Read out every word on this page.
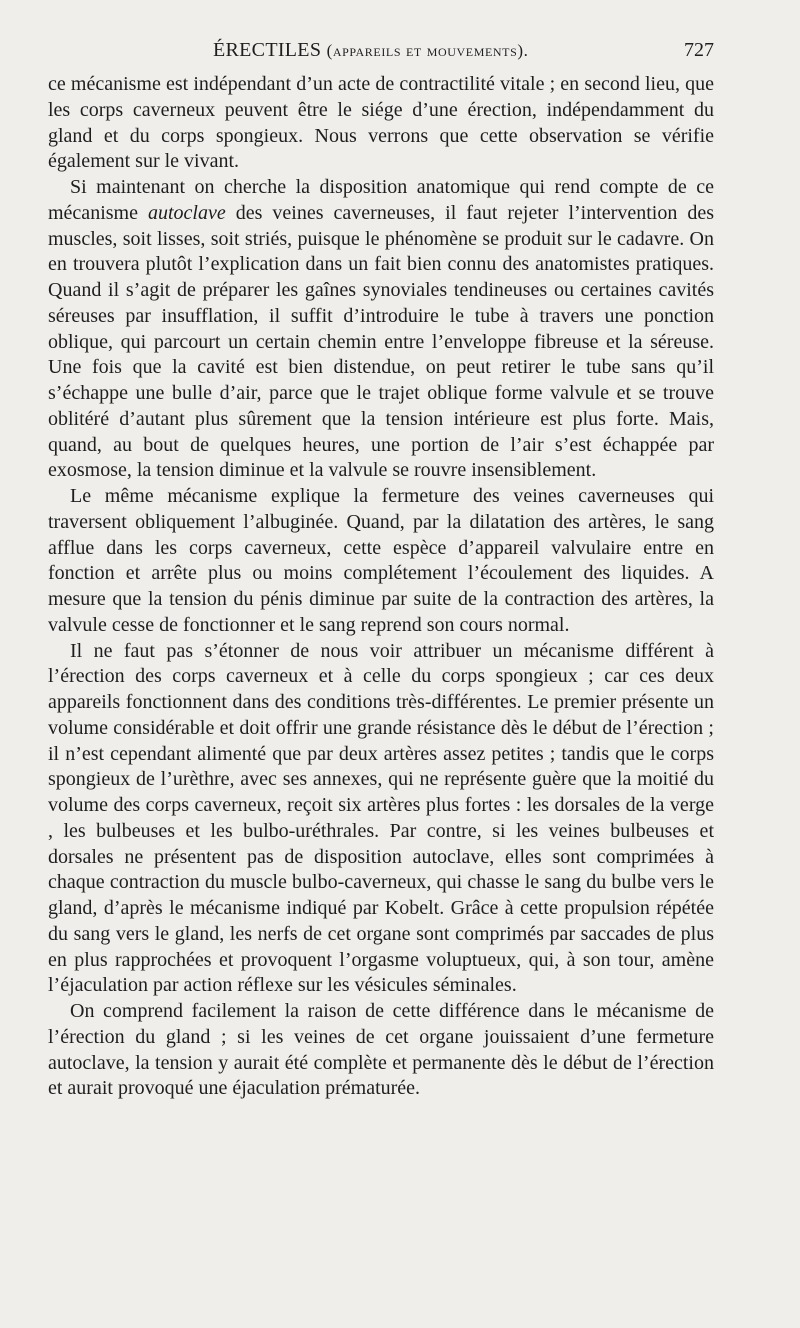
ÉRECTILES (appareils et mouvements).	727

ce mécanisme est indépendant d’un acte de contractilité vitale ; en second lieu, que les corps caverneux peuvent être le siége d’une érection, indépendamment du gland et du corps spongieux. Nous verrons que cette observation se vérifie également sur le vivant.

Si maintenant on cherche la disposition anatomique qui rend compte de ce mécanisme autoclave des veines caverneuses, il faut rejeter l’intervention des muscles, soit lisses, soit striés, puisque le phénomène se produit sur le cadavre. On en trouvera plutôt l’explication dans un fait bien connu des anatomistes pratiques. Quand il s’agit de préparer les gaînes synoviales tendineuses ou certaines cavités séreuses par insufflation, il suffit d’introduire le tube à travers une ponction oblique, qui parcourt un certain chemin entre l’enveloppe fibreuse et la séreuse. Une fois que la cavité est bien distendue, on peut retirer le tube sans qu’il s’échappe une bulle d’air, parce que le trajet oblique forme valvule et se trouve oblitéré d’autant plus sûrement que la tension intérieure est plus forte. Mais, quand, au bout de quelques heures, une portion de l’air s’est échappée par exosmose, la tension diminue et la valvule se rouvre insensiblement.

Le même mécanisme explique la fermeture des veines caverneuses qui traversent obliquement l’albuginée. Quand, par la dilatation des artères, le sang afflue dans les corps caverneux, cette espèce d’appareil valvulaire entre en fonction et arrête plus ou moins complétement l’écoulement des liquides. A mesure que la tension du pénis diminue par suite de la contraction des artères, la valvule cesse de fonctionner et le sang reprend son cours normal.

Il ne faut pas s’étonner de nous voir attribuer un mécanisme différent à l’érection des corps caverneux et à celle du corps spongieux ; car ces deux appareils fonctionnent dans des conditions très-différentes. Le premier présente un volume considérable et doit offrir une grande résistance dès le début de l’érection ; il n’est cependant alimenté que par deux artères assez petites ; tandis que le corps spongieux de l’urèthre, avec ses annexes, qui ne représente guère que la moitié du volume des corps caverneux, reçoit six artères plus fortes : les dorsales de la verge , les bulbeuses et les bulbo-uréthrales. Par contre, si les veines bulbeuses et dorsales ne présentent pas de disposition autoclave, elles sont comprimées à chaque contraction du muscle bulbo-caverneux, qui chasse le sang du bulbe vers le gland, d’après le mécanisme indiqué par Kobelt. Grâce à cette propulsion répétée du sang vers le gland, les nerfs de cet organe sont comprimés par saccades de plus en plus rapprochées et provoquent l’orgasme voluptueux, qui, à son tour, amène l’éjaculation par action réflexe sur les vésicules séminales.

On comprend facilement la raison de cette différence dans le mécanisme de l’érection du gland ; si les veines de cet organe jouissaient d’une fermeture autoclave, la tension y aurait été complète et permanente dès le début de l’érection et aurait provoqué une éjaculation prématurée.
